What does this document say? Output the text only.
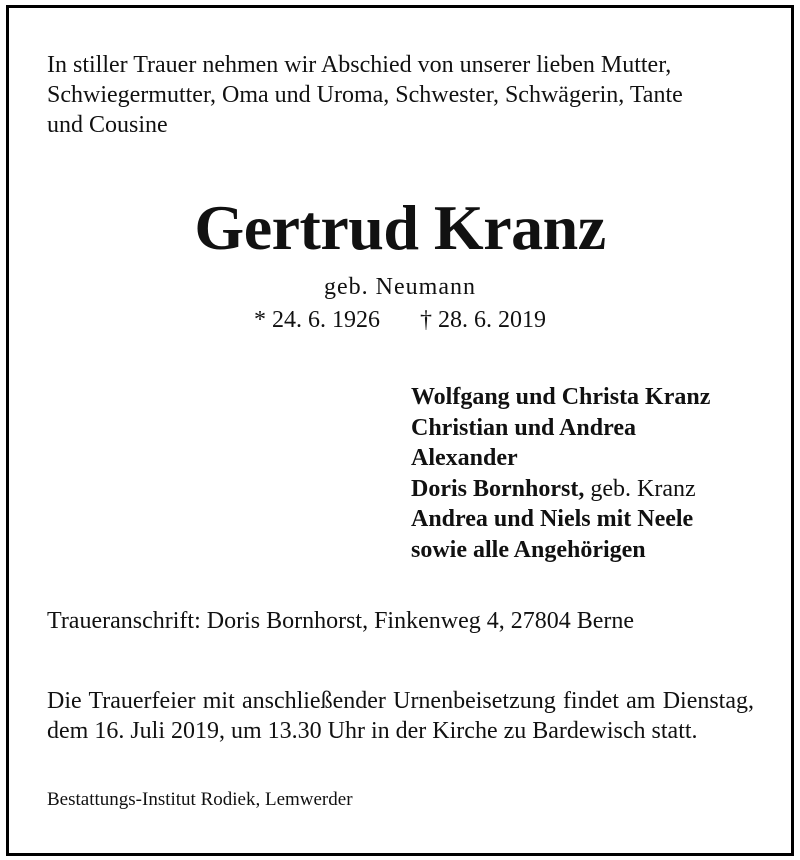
In stiller Trauer nehmen wir Abschied von unserer lieben Mutter,
Schwiegermutter, Oma und Uroma, Schwester, Schwägerin, Tante
und Cousine
Gertrud Kranz
geb. Neumann
* 24. 6. 1926 † 28. 6. 2019
Wolfgang und Christa Kranz
Christian und Andrea
Alexander
Doris Bornhorst, geb. Kranz
Andrea und Niels mit Neele
sowie alle Angehörigen
Traueranschrift: Doris Bornhorst, Finkenweg 4, 27804 Berne
Die Trauerfeier mit anschließender Urnenbeisetzung findet am Dienstag, dem 16. Juli 2019, um 13.30 Uhr in der Kirche zu Bardewisch statt.
Bestattungs-Institut Rodiek, Lemwerder
